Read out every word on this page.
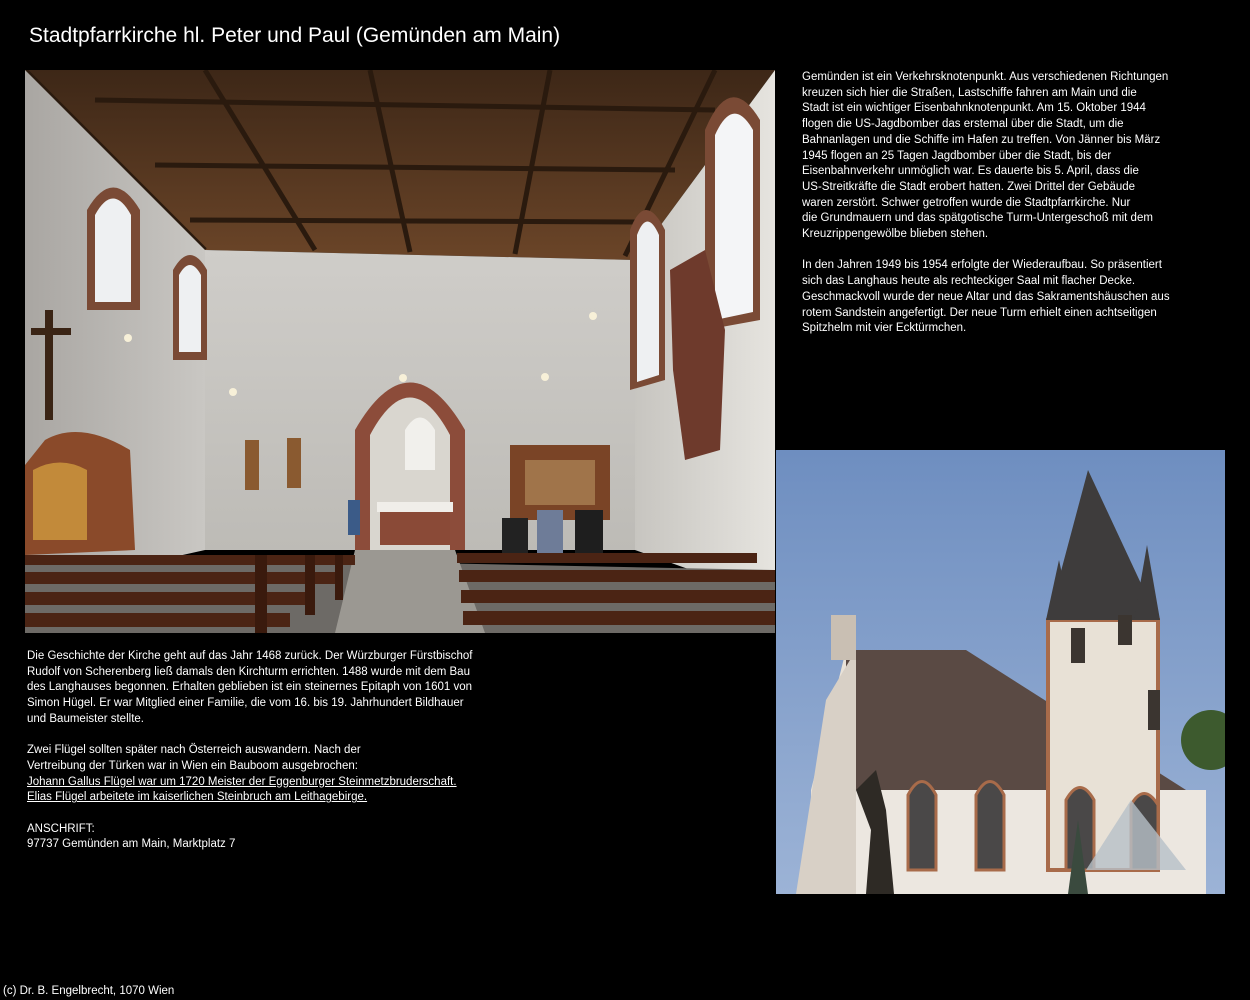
Stadtpfarrkirche hl. Peter und Paul (Gemünden am Main)

Gemünden ist ein Verkehrsknotenpunkt. Aus verschiedenen Richtungen
kreuzen sich hier die Straßen, Lastschiffe fahren am Main und die
Stadt ist ein wichtiger Eisenbahnknotenpunkt. Am 15. Oktober 1944
flogen die US-Jagdbomber das erstemal über die Stadt, um die
Bahnanlagen und die Schiffe im Hafen zu treffen. Von Jänner bis März
1945 flogen an 25 Tagen Jagdbomber über die Stadt, bis der
Eisenbahnverkehr unmöglich war. Es dauerte bis 5. April, dass die
US-Streitkräfte die Stadt erobert hatten. Zwei Drittel der Gebäude
waren zerstört. Schwer getroffen wurde die Stadtpfarrkirche. Nur
die Grundmauern und das spätgotische Turm-Untergeschoß mit dem
Kreuzrippengewölbe blieben stehen.

In den Jahren 1949 bis 1954 erfolgte der Wiederaufbau. So präsentiert
sich das Langhaus heute als rechteckiger Saal mit flacher Decke.
Geschmackvoll wurde der neue Altar und das Sakramentshäuschen aus
rotem Sandstein angefertigt. Der neue Turm erhielt einen achtseitigen
Spitzhelm mit vier Ecktürmchen.

Die Geschichte der Kirche geht auf das Jahr 1468 zurück. Der Würzburger Fürstbischof
Rudolf von Scherenberg ließ damals den Kirchturm errichten. 1488 wurde mit dem Bau
des Langhauses begonnen. Erhalten geblieben ist ein steinernes Epitaph von 1601 von
Simon Hügel. Er war Mitglied einer Familie, die vom 16. bis 19. Jahrhundert Bildhauer
und Baumeister stellte.

Zwei Flügel sollten später nach Österreich auswandern. Nach der
Vertreibung der Türken war in Wien ein Bauboom ausgebrochen:
Johann Gallus Flügel war um 1720 Meister der Eggenburger Steinmetzbruderschaft.
Elias Flügel arbeitete im kaiserlichen Steinbruch am Leithagebirge.

ANSCHRIFT:
97737 Gemünden am Main, Marktplatz 7

(c) Dr. B. Engelbrecht, 1070 Wien
